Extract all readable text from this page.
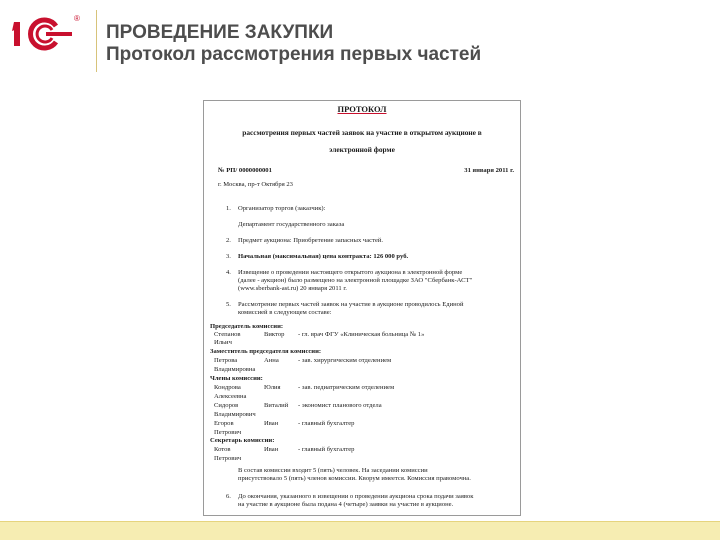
®
ПРОВЕДЕНИЕ ЗАКУПКИ
Протокол рассмотрения первых частей
ПРОТОКОЛ
рассмотрения первых частей заявок на участие в открытом аукционе в
электронной форме
№ РП/ 0000000001	31 января 2011 г.
г. Москва, пр-т Октября 23
1. Организатор торгов (заказчик):
Департамент государственного заказа
2. Предмет аукциона: Приобретение запасных частей.
3. Начальная (максимальная) цена контракта: 126 000 руб.
4. Извещение о проведении настоящего открытого аукциона в электронной форме
(далее - аукцион) было размещено на электронной площадке ЗАО "Сбербанк-АСТ"
(www.sberbank-ast.ru) 20 января 2011 г.
5. Рассмотрение первых частей заявок на участие в аукционе проводилось Единой
комиссией в следующем составе:
Председатель комиссии:
Степанов	Виктор - гл. врач ФГУ «Клиническая больница № 1»
Ильич
Заместитель председателя комиссии:
Петрова	Анна	- зав. хирургическим отделением
Владимировна
Члены комиссии:
Кондрова	Юлия	- зав. педиатрическим отделением
Алексеевна
Сидоров	Виталий - экономист планового отдела
Владимирович
Егоров	Иван	- главный бухгалтер
Петрович
Секретарь комиссии:
Котов	Иван	- главный бухгалтер
Петрович
В состав комиссии входит 5 (пять) человек. На заседании комиссии
присутствовало 5 (пять) членов комиссии. Кворум имеется. Комиссия правомочна.
6. До окончания, указанного в извещении о проведении аукциона срока подачи заявок
на участие в аукционе была подана 4 (четыре) заявки на участие в аукционе.
